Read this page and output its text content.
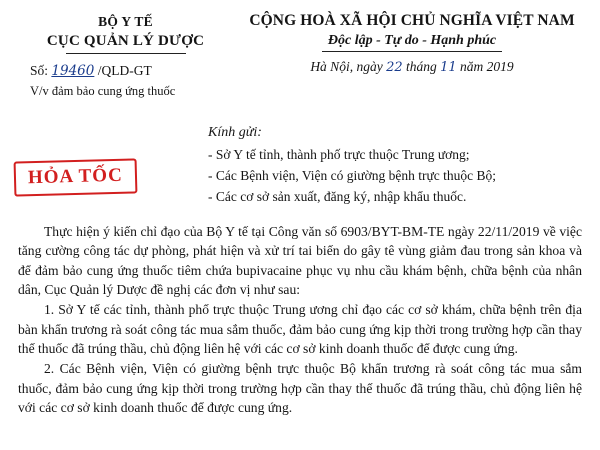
BỘ Y TẾ
CỤC QUẢN LÝ DƯỢC
Số: 19460 /QLD-GT
V/v đảm bảo cung ứng thuốc
CỘNG HOÀ XÃ HỘI CHỦ NGHĨA VIỆT NAM
Độc lập - Tự do - Hạnh phúc
Hà Nội, ngày 22 tháng 11 năm 2019
HỎA TỐC
Kính gửi:
- Sở Y tế tỉnh, thành phố trực thuộc Trung ương;
- Các Bệnh viện, Viện có giường bệnh trực thuộc Bộ;
- Các cơ sở sản xuất, đăng ký, nhập khẩu thuốc.

Thực hiện ý kiến chỉ đạo của Bộ Y tế tại Công văn số 6903/BYT-BM-TE ngày 22/11/2019 về việc tăng cường công tác dự phòng, phát hiện và xử trí tai biến do gây tê vùng giảm đau trong sản khoa và để đảm bảo cung ứng thuốc tiêm chứa bupivacaine phục vụ nhu cầu khám bệnh, chữa bệnh của nhân dân, Cục Quản lý Dược đề nghị các đơn vị như sau:

1. Sở Y tế các tỉnh, thành phố trực thuộc Trung ương chỉ đạo các cơ sở khám, chữa bệnh trên địa bàn khẩn trương rà soát công tác mua sắm thuốc, đảm bảo cung ứng kịp thời trong trường hợp cần thay thế thuốc đã trúng thầu, chủ động liên hệ với các cơ sở kinh doanh thuốc để được cung ứng.

2. Các Bệnh viện, Viện có giường bệnh trực thuộc Bộ khẩn trương rà soát công tác mua sắm thuốc, đảm bảo cung ứng kịp thời trong trường hợp cần thay thế thuốc đã trúng thầu, chủ động liên hệ với các cơ sở kinh doanh thuốc để được cung ứng.
